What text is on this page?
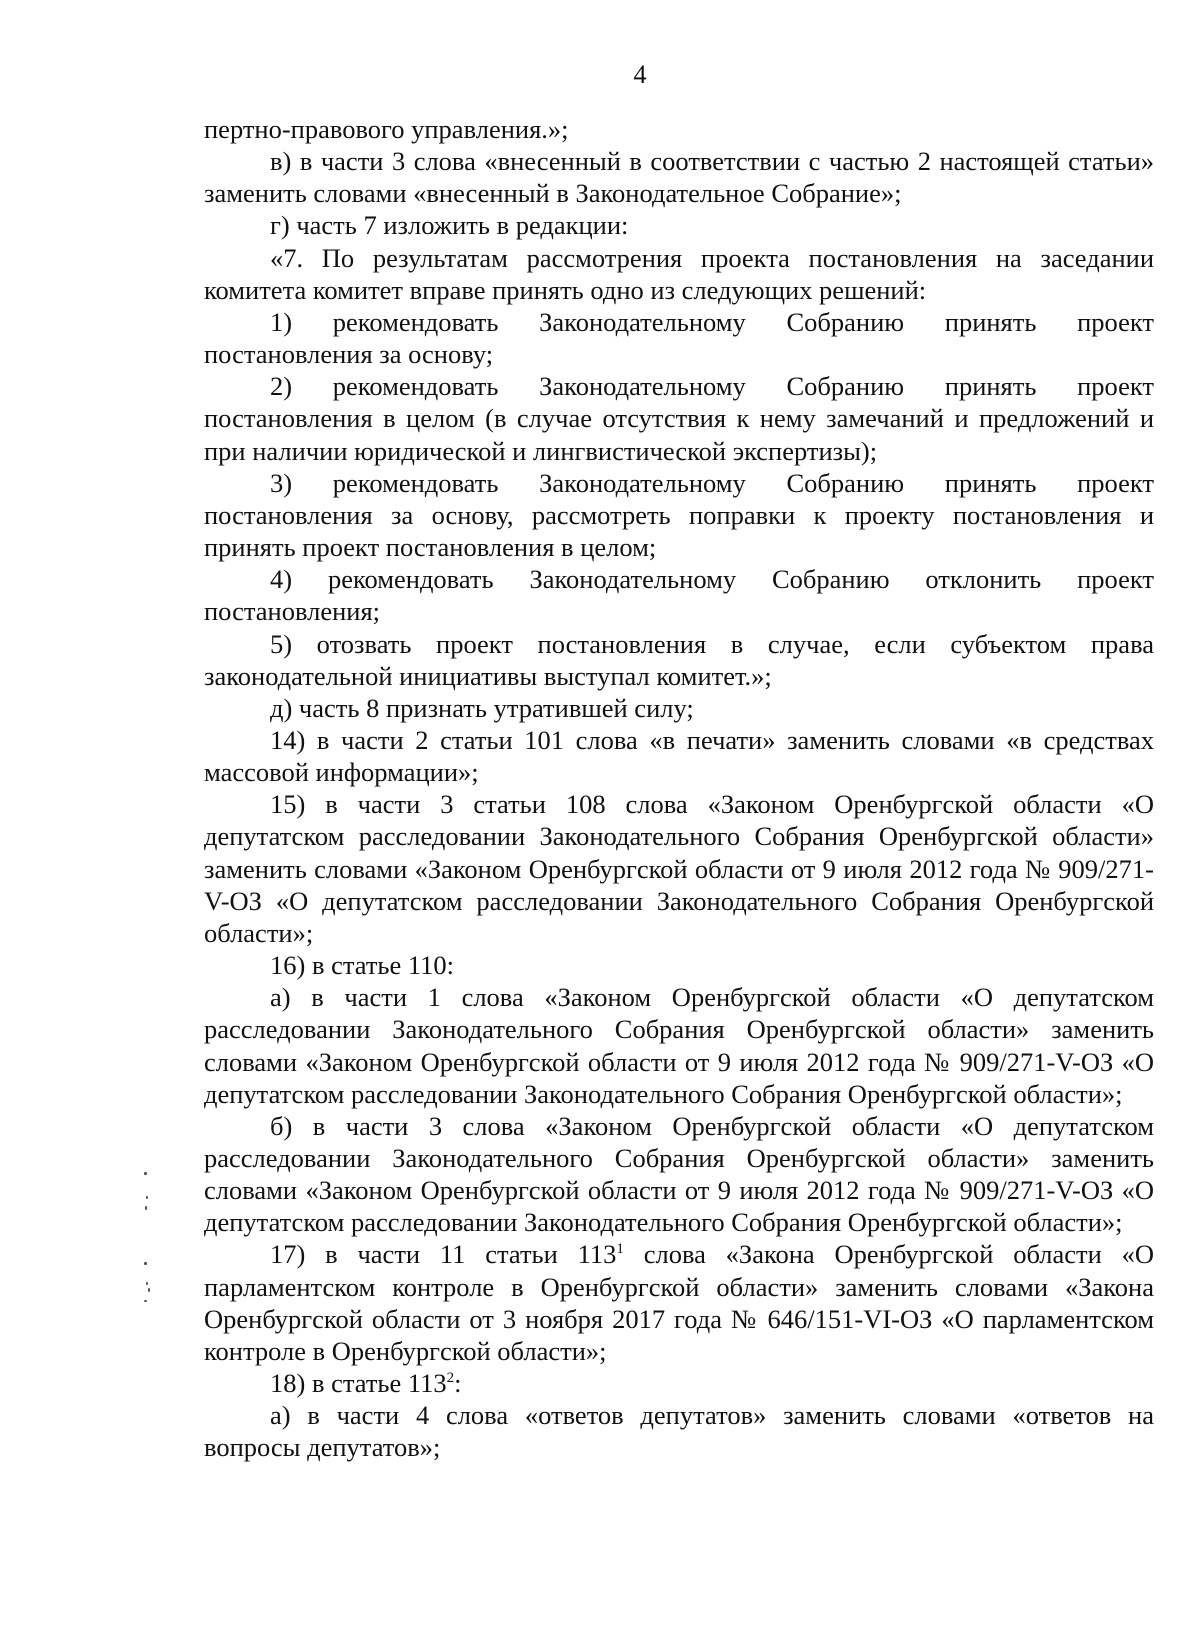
4

пертно-правового управления.»;

в) в части 3 слова «внесенный в соответствии с частью 2 настоящей статьи» заменить словами «внесенный в Законодательное Собрание»;

г) часть 7 изложить в редакции:

«7. По результатам рассмотрения проекта постановления на заседании комитета комитет вправе принять одно из следующих решений:

1) рекомендовать Законодательному Собранию принять проект постановления за основу;

2) рекомендовать Законодательному Собранию принять проект постановления в целом (в случае отсутствия к нему замечаний и предложений и при наличии юридической и лингвистической экспертизы);

3) рекомендовать Законодательному Собранию принять проект постановления за основу, рассмотреть поправки к проекту постановления и принять проект постановления в целом;

4) рекомендовать Законодательному Собранию отклонить проект постановления;

5) отозвать проект постановления в случае, если субъектом права законодательной инициативы выступал комитет.»;

д) часть 8 признать утратившей силу;

14) в части 2 статьи 101 слова «в печати» заменить словами «в средствах массовой информации»;

15) в части 3 статьи 108 слова «Законом Оренбургской области «О депутатском расследовании Законодательного Собрания Оренбургской области» заменить словами «Законом Оренбургской области от 9 июля 2012 года № 909/271-V-ОЗ «О депутатском расследовании Законодательного Собрания Оренбургской области»;

16) в статье 110:

а) в части 1 слова «Законом Оренбургской области «О депутатском расследовании Законодательного Собрания Оренбургской области» заменить словами «Законом Оренбургской области от 9 июля 2012 года № 909/271-V-ОЗ «О депутатском расследовании Законодательного Собрания Оренбургской области»;

б) в части 3 слова «Законом Оренбургской области «О депутатском расследовании Законодательного Собрания Оренбургской области» заменить словами «Законом Оренбургской области от 9 июля 2012 года № 909/271-V-ОЗ «О депутатском расследовании Законодательного Собрания Оренбургской области»;

17) в части 11 статьи $113^1$ слова «Закона Оренбургской области «О парламентском контроле в Оренбургской области» заменить словами «Закона Оренбургской области от 3 ноября 2017 года № 646/151-VI-ОЗ «О парламентском контроле в Оренбургской области»;

18) в статье $113^2$:

а) в части 4 слова «ответов депутатов» заменить словами «ответов на вопросы депутатов»;
